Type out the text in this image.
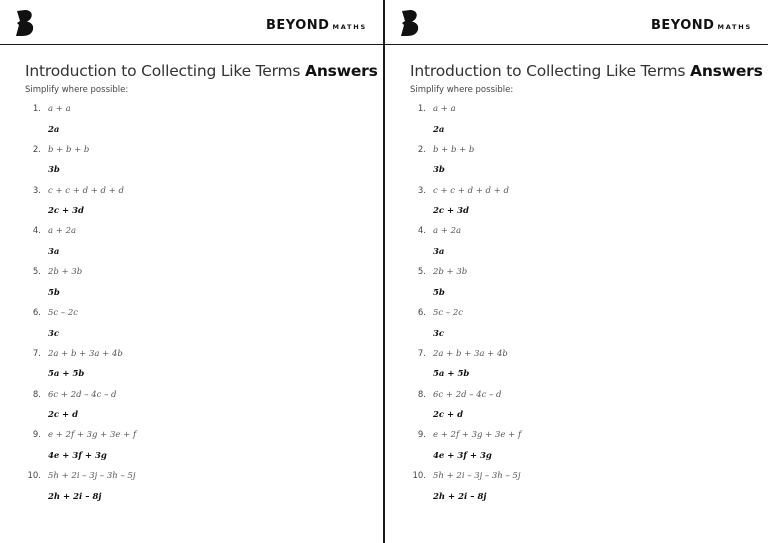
BEYOND MATHS
Introduction to Collecting Like Terms Answers
Simplify where possible:
1. a + a
2a
2. b + b + b
3b
3. c + c + d + d + d
2c + 3d
4. a + 2a
3a
5. 2b + 3b
5b
6. 5c – 2c
3c
7. 2a + b + 3a + 4b
5a + 5b
8. 6c + 2d – 4c – d
2c + d
9. e + 2f + 3g + 3e + f
4e + 3f + 3g
10. 5h + 2i – 3j – 3h – 5j
2h + 2i – 8j
BEYOND MATHS
Introduction to Collecting Like Terms Answers
Simplify where possible:
1. a + a
2a
2. b + b + b
3b
3. c + c + d + d + d
2c + 3d
4. a + 2a
3a
5. 2b + 3b
5b
6. 5c – 2c
3c
7. 2a + b + 3a + 4b
5a + 5b
8. 6c + 2d – 4c – d
2c + d
9. e + 2f + 3g + 3e + f
4e + 3f + 3g
10. 5h + 2i – 3j – 3h – 5j
2h + 2i – 8j
